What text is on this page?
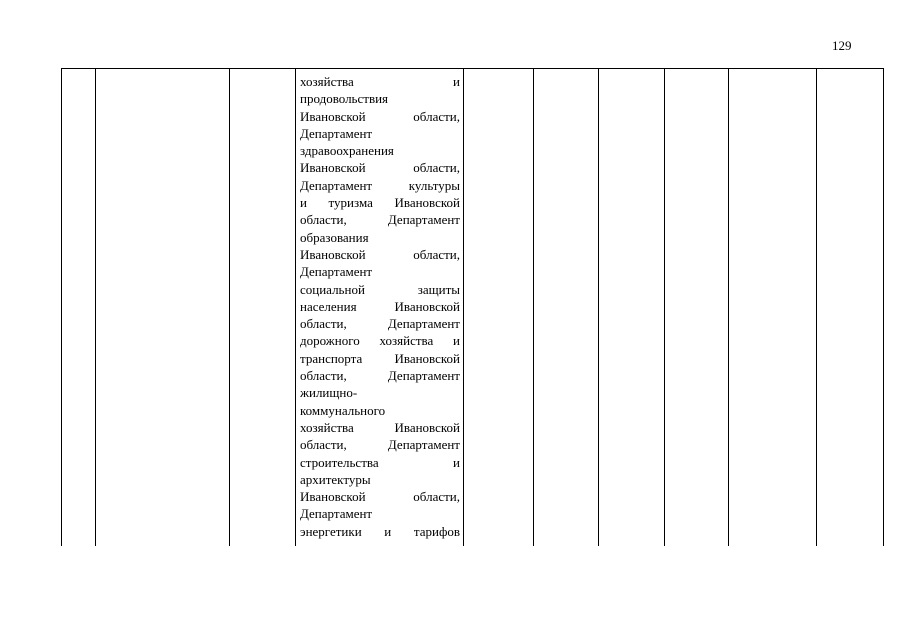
129
хозяйства и
продовольствия
Ивановской области,
Департамент
здравоохранения
Ивановской области,
Департамент культуры
и туризма Ивановской
области, Департамент
образования
Ивановской области,
Департамент
социальной защиты
населения Ивановской
области, Департамент
дорожного хозяйства и
транспорта Ивановской
области, Департамент
жилищно-
коммунального
хозяйства Ивановской
области, Департамент
строительства и
архитектуры
Ивановской области,
Департамент
энергетики и тарифов
